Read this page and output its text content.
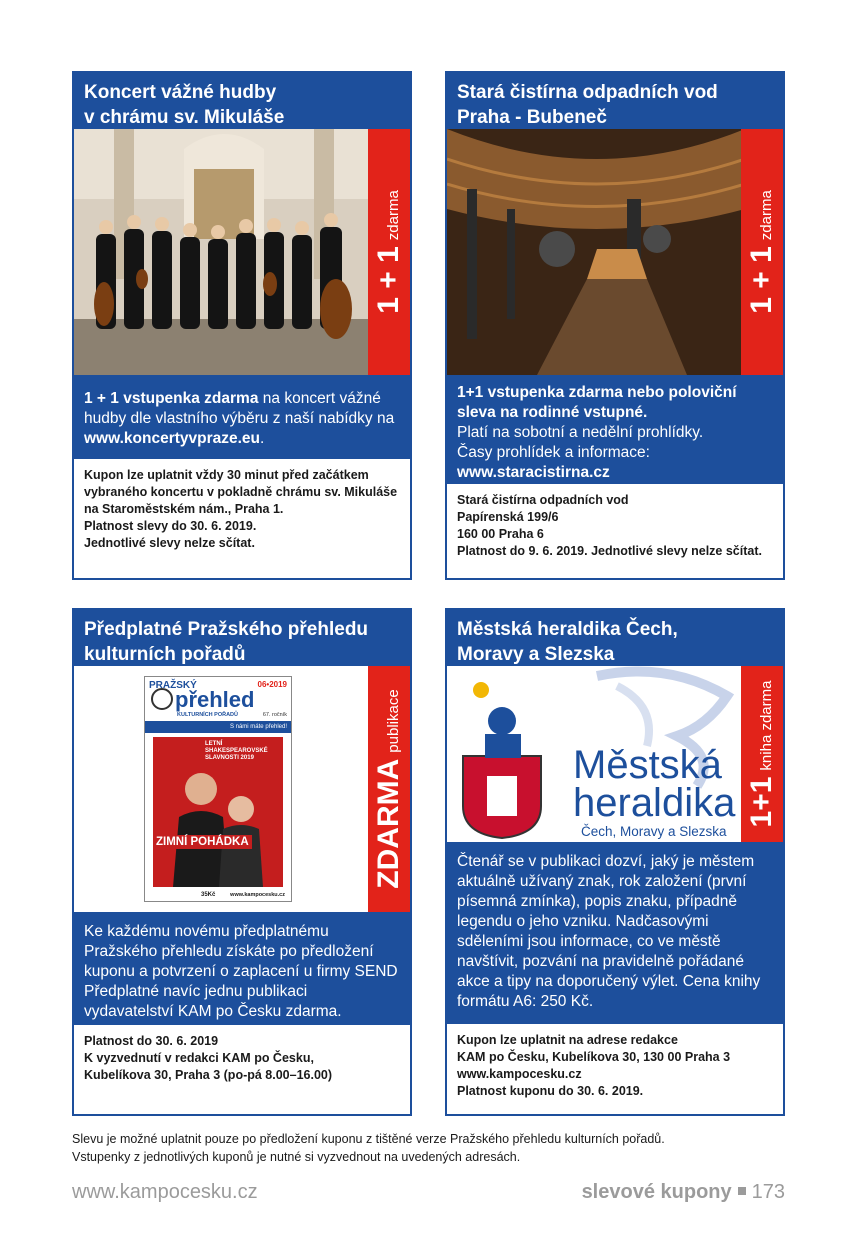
Koncert vážné hudby
v chrámu sv. Mikuláše
1 + 1
zdarma
1 + 1 vstupenka zdarma na koncert vážné hudby dle vlastního výběru z naší nabídky na www.koncertyvpraze.eu.
Kupon lze uplatnit vždy 30 minut před začátkem
vybraného koncertu v pokladně chrámu sv. Mikuláše
na Staroměstském nám., Praha 1.
Platnost slevy do 30. 6. 2019.
Jednotlivé slevy nelze sčítat.
Stará čistírna odpadních vod
Praha - Bubeneč
1 + 1
zdarma
1+1 vstupenka zdarma nebo poloviční sleva na rodinné vstupné.
Platí na sobotní a nedělní prohlídky.
Časy prohlídek a informace:
www.staracistirna.cz
Stará čistírna odpadních vod
Papírenská 199/6
160 00 Praha 6
Platnost do 9. 6. 2019. Jednotlivé slevy nelze sčítat.
Předplatné Pražského přehledu
kulturních pořadů
PRAŽSKÝ	06•2019
přehled
KULTURNÍCH POŘADŮ	67. ročník
S námi máte přehled!
LETNÍ SHAKESPEAROVSKÉ SLAVNOSTI 2019
ZIMNÍ POHÁDKA
35Kč	www.kampocesku.cz
ZDARMA
publikace
Ke každému novému předplatnému Pražského přehledu získáte po předložení kuponu a potvrzení o zaplacení u firmy SEND Předplatné navíc jednu publikaci vydavatelství KAM po Česku zdarma.
Platnost do 30. 6. 2019
K vyzvednutí v redakci KAM po Česku,
Kubelíkova 30, Praha 3 (po-pá 8.00–16.00)
Městská heraldika Čech,
Moravy a Slezska
Městská
heraldika
Čech, Moravy a Slezska
1+1
kniha zdarma
Čtenář se v publikaci dozví, jaký je městem aktuálně užívaný znak, rok založení (první písemná zmínka), popis znaku, případně legendu o jeho vzniku. Nadčasovými sděleními jsou informace, co ve městě navštívit, pozvání na pravidelně pořádané akce a tipy na doporučený výlet. Cena knihy formátu A6: 250 Kč.
Kupon lze uplatnit na adrese redakce
KAM po Česku, Kubelíkova 30, 130 00 Praha 3
www.kampocesku.cz
Platnost kuponu do 30. 6. 2019.
Slevu je možné uplatnit pouze po předložení kuponu z tištěné verze Pražského přehledu kulturních pořadů.
Vstupenky z jednotlivých kuponů je nutné si vyzvednout na uvedených adresách.
www.kampocesku.cz	slevové kupony 173
